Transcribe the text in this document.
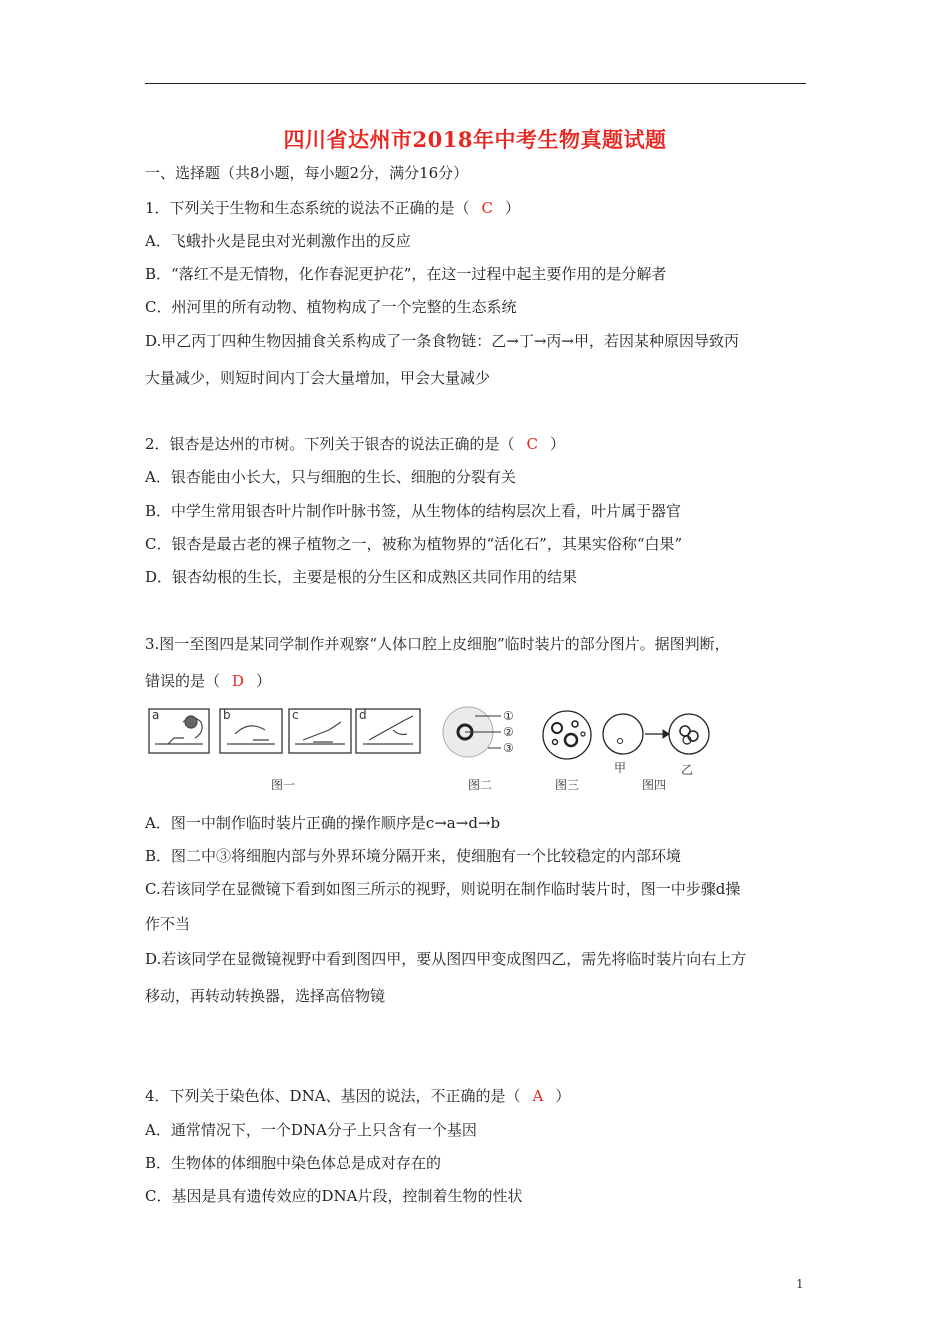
四川省达州市2018年中考生物真题试题
一、选择题（共8小题，每小题2分，满分16分）
1．下列关于生物和生态系统的说法不正确的是（ C ）
A．飞蛾扑火是昆虫对光刺激作出的反应
B．“落红不是无情物，化作春泥更护花”，在这一过程中起主要作用的是分解者
C．州河里的所有动物、植物构成了一个完整的生态系统
D.甲乙丙丁四种生物因捕食关系构成了一条食物链：乙→丁→丙→甲，若因某种原因导致丙
大量减少，则短时间内丁会大量增加，甲会大量减少
2．银杏是达州的市树。下列关于银杏的说法正确的是（ C ）
A．银杏能由小长大，只与细胞的生长、细胞的分裂有关
B．中学生常用银杏叶片制作叶脉书签，从生物体的结构层次上看，叶片属于器官
C．银杏是最古老的裸子植物之一，被称为植物界的“活化石”，其果实俗称“白果”
D．银杏幼根的生长，主要是根的分生区和成熟区共同作用的结果
3.图一至图四是某同学制作并观察“人体口腔上皮细胞”临时装片的部分图片。据图判断，
错误的是（ D ）
a	b	c	d
图一
①
②
③
图二	图三
甲	乙
图四
A．图一中制作临时装片正确的操作顺序是c→a→d→b
B．图二中③将细胞内部与外界环境分隔开来，使细胞有一个比较稳定的内部环境
C.若该同学在显微镜下看到如图三所示的视野，则说明在制作临时装片时，图一中步骤d操
作不当
D.若该同学在显微镜视野中看到图四甲，要从图四甲变成图四乙，需先将临时装片向右上方
移动，再转动转换器，选择高倍物镜
4．下列关于染色体、DNA、基因的说法，不正确的是（ A ）
A．通常情况下，一个DNA分子上只含有一个基因
B．生物体的体细胞中染色体总是成对存在的
C．基因是具有遗传效应的DNA片段，控制着生物的性状
1
